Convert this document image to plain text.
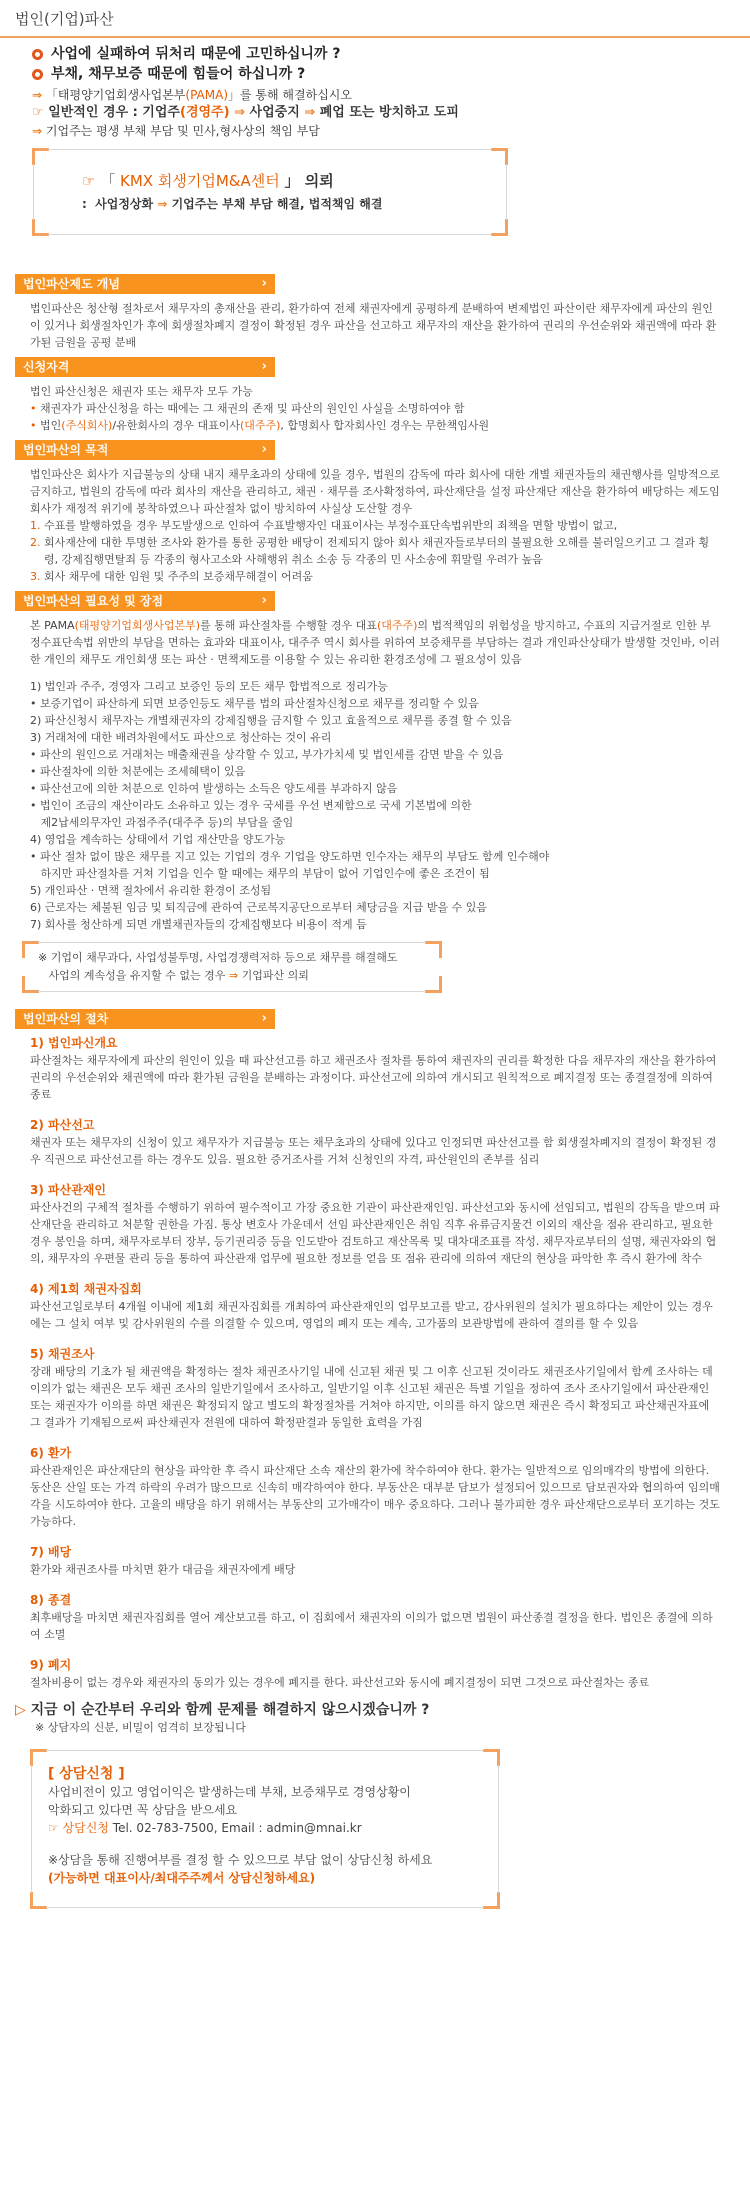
법인(기업)파산
사업에 실패하여 뒤처리 때문에 고민하십니까 ?
부채, 채무보증 때문에 힘들어 하십니까 ?
⇒ 「태평양기업회생사업본부(PAMA)」를 통해 해결하십시오
☞ 일반적인 경우 : 기업주(경영주) ⇒ 사업중지 ⇒ 폐업 또는 방치하고 도피
⇒ 기업주는 평생 부채 부담 및 민사,형사상의 책임 부담
☞ 「 KMX 회생기업M&A센터 」 의뢰
:  사업정상화 ⇒ 기업주는 부채 부담 해결, 법적책임 해결
법인파산제도 개념	›

법인파산은 청산형 절차로서 채무자의 총재산을 관리, 환가하여 전체 채권자에게 공평하게 분배하여 변제법인 파산이란 채무자에게 파산의 원인이 있거나 회생절차인가 후에 회생절차폐지 결정이 확정된 경우 파산을 선고하고 채무자의 재산을 환가하여 권리의 우선순위와 채권액에 따라 환가된 금원을 공평 분배

신청자격	›

법인 파산신청은 채권자 또는 채무자 모두 가능

• 채권자가 파산신청을 하는 때에는 그 채권의 존재 및 파산의 원인인 사실을 소명하여야 함

• 법인(주식회사)/유한회사의 경우 대표이사(대주주), 합명회사 합자회사인 경우는 무한책임사원

법인파산의 목적	›

법인파산은 회사가 지급불능의 상태 내지 채무초과의 상태에 있을 경우, 법원의 감독에 따라 회사에 대한 개별 채권자들의 채권행사를 일방적으로 금지하고, 법원의 감독에 따라 회사의 재산을 관리하고, 채권 · 채무를 조사확정하여, 파산재단을 설정 파산재단 재산을 환가하여 배당하는 제도임

회사가 재정적 위기에 봉착하였으나 파산절차 없이 방치하여 사실상 도산할 경우

1. 수표를 발행하였을 경우 부도발생으로 인하여 수표발행자인 대표이사는 부정수표단속법위반의 죄책을 면할 방법이 없고,

2. 회사재산에 대한 투명한 조사와 환가를 통한 공평한 배당이 전제되지 않아 회사 채권자들로부터의 불필요한 오해를 불러일으키고 그 결과 횡령, 강제집행면탈죄 등 각종의 형사고소와 사해행위 취소 소송 등 각종의 민 사소송에 휘말릴 우려가 높음

3. 회사 채무에 대한 임원 및 주주의 보증채무해결이 어려움

법인파산의 필요성 및 장점	›

본 PAMA(태평양기업회생사업본부)를 통해 파산절차를 수행할 경우 대표(대주주)의 법적책임의 위험성을 방지하고, 수표의 지급거절로 인한 부정수표단속법 위반의 부담을 면하는 효과와 대표이사, 대주주 역시 회사를 위하여 보증채무를 부담하는 결과 개인파산상태가 발생할 것인바, 이러한 개인의 채무도 개인회생 또는 파산 · 면책제도를 이용할 수 있는 유리한 환경조성에 그 필요성이 있음

1) 법인과 주주, 경영자 그리고 보증인 등의 모든 채무 합법적으로 정리가능

• 보증기업이 파산하게 되면 보증인등도 채무를 법의 파산절차신청으로 채무를 정리할 수 있음

2) 파산신청시 채무자는 개별채권자의 강제집행을 금지할 수 있고 효율적으로 채무를 종결 할 수 있음

3) 거래처에 대한 배려차원에서도 파산으로 청산하는 것이 유리

• 파산의 원인으로 거래처는 매출채권을 상각할 수 있고, 부가가치세 및 법인세를 감면 받을 수 있음

• 파산절차에 의한 처분에는 조세혜택이 있음

• 파산선고에 의한 처분으로 인하여 발생하는 소득은 양도세를 부과하지 않음

• 법인이 조금의 재산이라도 소유하고 있는 경우 국세를 우선 변제함으로 국세 기본법에 의한

제2납세의무자인 과점주주(대주주 등)의 부담을 줄임

4) 영업을 계속하는 상태에서 기업 재산만을 양도가능

• 파산 절차 없이 많은 채무를 지고 있는 기업의 경우 기업을 양도하면 인수자는 채무의 부담도 함께 인수해야

하지만 파산절차를 거쳐 기업을 인수 할 때에는 채무의 부담이 없어 기업인수에 좋은 조건이 됨

5) 개인파산 · 면책 절차에서 유리한 환경이 조성됨

6) 근로자는 체불된 임금 및 퇴직금에 관하여 근로복지공단으로부터 체당금을 지급 받을 수 있음

7) 회사를 청산하게 되면 개별채권자들의 강제집행보다 비용이 적게 듬

※ 기업이 채무과다, 사업성불투명, 사업경쟁력저하 등으로 채무를 해결해도
사업의 계속성을 유지할 수 없는 경우 ⇒ 기업파산 의뢰
법인파산의 절차	›
1) 법인파신개요

파산절차는 채무자에게 파산의 원인이 있을 때 파산선고를 하고 채권조사 절차를 통하여 채권자의 권리를 확정한 다음 채무자의 재산을 환가하여 권리의 우선순위와 채권액에 따라 환가된 금원을 분배하는 과정이다. 파산선고에 의하여 개시되고 원칙적으로 폐지결정 또는 종결결정에 의하여 종료

2) 파산선고

채권자 또는 채무자의 신청이 있고 채무자가 지급불능 또는 채무초과의 상태에 있다고 인정되면 파산선고를 함 회생절차폐지의 결정이 확정된 경우 직권으로 파산선고를 하는 경우도 있음. 필요한 증거조사를 거쳐 신청인의 자격, 파산원인의 존부를 심리

3) 파산관재인

파산사건의 구체적 절차를 수행하기 위하여 필수적이고 가장 중요한 기관이 파산관재인임. 파산선고와 동시에 선임되고, 법원의 감독을 받으며 파산재단을 관리하고 처분할 권한을 가짐. 통상 변호사 가운데서 선임 파산관재인은 취임 직후 유류금지물건 이외의 재산을 점유 관리하고, 필요한 경우 봉인을 하며, 채무자로부터 장부, 등기권리증 등을 인도받아 검토하고 재산목록 및 대차대조표를 작성. 채무자로부터의 설명, 채권자와의 협의, 채무자의 우편물 관리 등을 통하여 파산관재 업무에 필요한 정보를 얻음 또 점유 관리에 의하여 재단의 현상을 파악한 후 즉시 환가에 착수

4) 제1회 채권자집회

파산선고일로부터 4개월 이내에 제1회 채권자집회를 개최하여 파산관재인의 업무보고를 받고, 감사위원의 설치가 필요하다는 제안이 있는 경우에는 그 설치 여부 및 감사위원의 수를 의결할 수 있으며, 영업의 폐지 또는 계속, 고가품의 보관방법에 관하여 결의를 할 수 있음

5) 채권조사

장래 배당의 기초가 될 채권액을 확정하는 절차 채권조사기일 내에 신고된 채권 및 그 이후 신고된 것이라도 채권조사기일에서 함께 조사하는 데 이의가 없는 채권은 모두 채권 조사의 일반기일에서 조사하고, 일반기일 이후 신고된 채권은 특별 기일을 정하여 조사 조사기일에서 파산관재인 또는 채권자가 이의를 하면 채권은 확정되지 않고 별도의 확정절차를 거쳐야 하지만, 이의를 하지 않으면 채권은 즉시 확정되고 파산채권자표에 그 결과가 기재됨으로써 파산채권자 전원에 대하여 확정판결과 동일한 효력을 가짐

6) 환가

파산관재인은 파산재단의 현상을 파악한 후 즉시 파산재단 소속 재산의 환가에 착수하여야 한다. 환가는 일반적으로 임의매각의 방법에 의한다. 동산은 산일 또는 가격 하락의 우려가 많으므로 신속히 매각하여야 한다. 부동산은 대부분 담보가 설정되어 있으므로 담보권자와 협의하여 임의매각을 시도하여야 한다. 고율의 배당을 하기 위해서는 부동산의 고가매각이 매우 중요하다. 그러나 불가피한 경우 파산재단으로부터 포기하는 것도 가능하다.

7) 배당

환가와 채권조사를 마치면 환가 대금을 채권자에게 배당

8) 종결

최후배당을 마치면 채권자집회를 열어 계산보고를 하고, 이 집회에서 채권자의 이의가 없으면 법원이 파산종결 결정을 한다. 법인은 종결에 의하여 소멸

9) 폐지

절차비용이 없는 경우와 채권자의 동의가 있는 경우에 폐지를 한다. 파산선고와 동시에 폐지결정이 되면 그것으로 파산절차는 종료

▷ 지금 이 순간부터 우리와 함께 문제를 해결하지 않으시겠습니까 ?
※ 상담자의 신분, 비밀이 엄격히 보장됩니다
[ 상담신청 ]
사업비전이 있고 영업이익은 발생하는데 부채, 보증채무로 경영상황이
악화되고 있다면 꼭 상담을 받으세요
☞ 상담신청 Tel. 02-783-7500, Email : admin@mnai.kr
※상담을 통해 진행여부를 결정 할 수 있으므로 부담 없이 상담신청 하세요
(가능하면 대표이사/최대주주께서 상담신청하세요)
